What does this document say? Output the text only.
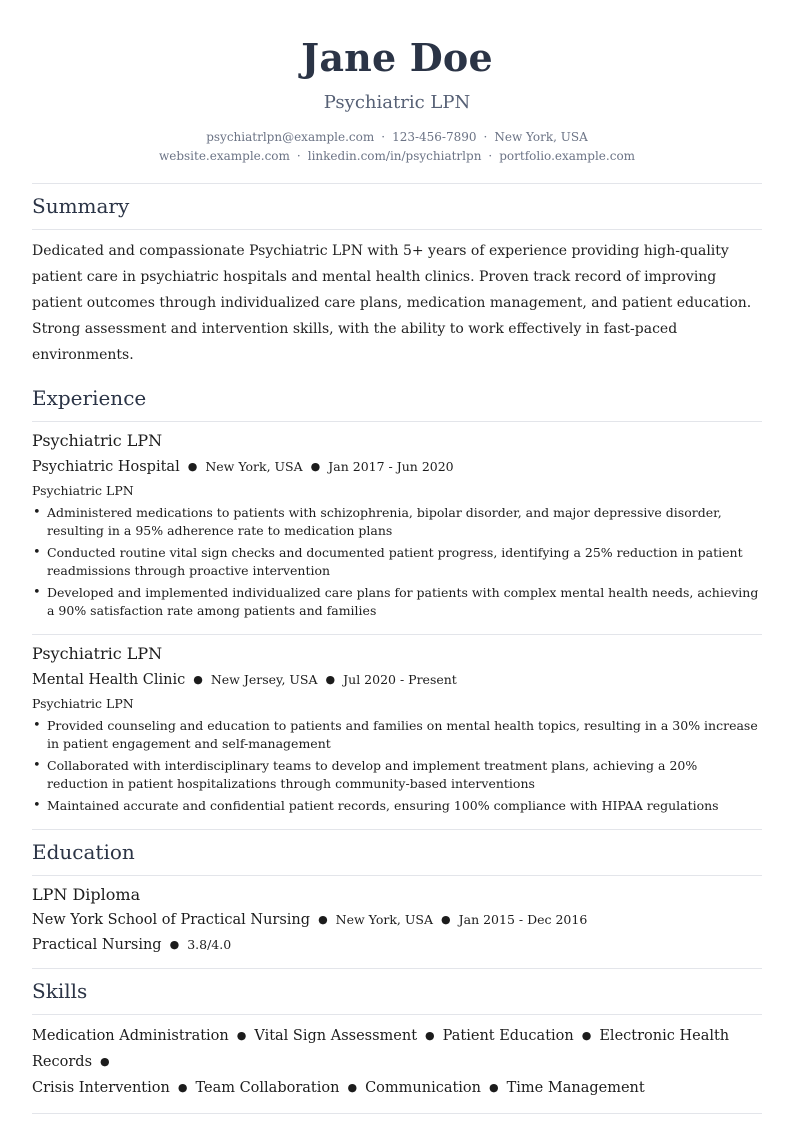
Jane Doe
Psychiatric LPN
psychiatrlpn@example.com · 123-456-7890 · New York, USA
website.example.com · linkedin.com/in/psychiatrlpn · portfolio.example.com
Summary
Dedicated and compassionate Psychiatric LPN with 5+ years of experience providing high-quality patient care in psychiatric hospitals and mental health clinics. Proven track record of improving patient outcomes through individualized care plans, medication management, and patient education. Strong assessment and intervention skills, with the ability to work effectively in fast-paced environments.
Experience
Psychiatric LPN
Psychiatric Hospital ● New York, USA ● Jan 2017 - Jun 2020
Psychiatric LPN
• Administered medications to patients with schizophrenia, bipolar disorder, and major depressive disorder, resulting in a 95% adherence rate to medication plans
• Conducted routine vital sign checks and documented patient progress, identifying a 25% reduction in patient readmissions through proactive intervention
• Developed and implemented individualized care plans for patients with complex mental health needs, achieving a 90% satisfaction rate among patients and families
Psychiatric LPN
Mental Health Clinic ● New Jersey, USA ● Jul 2020 - Present
Psychiatric LPN
• Provided counseling and education to patients and families on mental health topics, resulting in a 30% increase in patient engagement and self-management
• Collaborated with interdisciplinary teams to develop and implement treatment plans, achieving a 20% reduction in patient hospitalizations through community-based interventions
• Maintained accurate and confidential patient records, ensuring 100% compliance with HIPAA regulations
Education
LPN Diploma
New York School of Practical Nursing ● New York, USA ● Jan 2015 - Dec 2016
Practical Nursing ● 3.8/4.0
Skills
Medication Administration ● Vital Sign Assessment ● Patient Education ● Electronic Health Records ●
Crisis Intervention ● Team Collaboration ● Communication ● Time Management
